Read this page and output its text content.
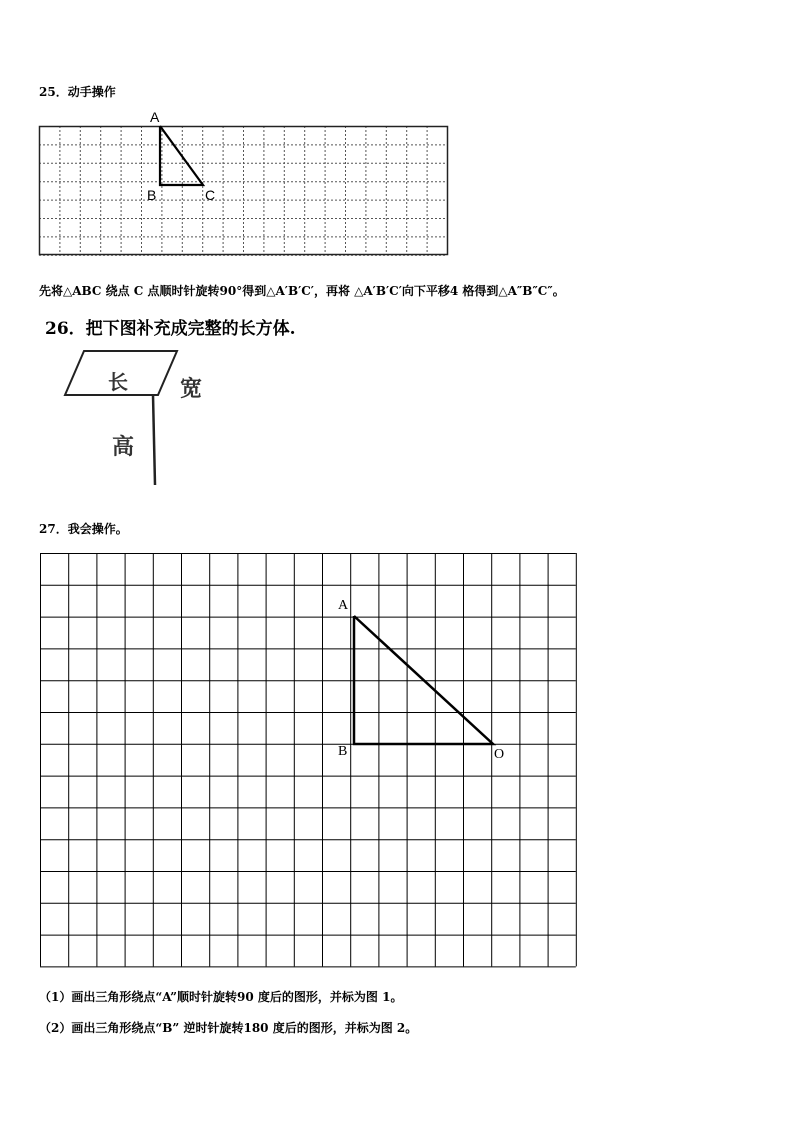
25．动手操作
A
B	C
先将△ABC 绕点 C 点顺时针旋转90°得到△A′B′C′，再将 △A′B′C′向下平移4 格得到△A″B″C″。
26．把下图补充成完整的长方体.
长 宽
高
27．我会操作。
A
B	O
（1）画出三角形绕点“A”顺时针旋转90 度后的图形，并标为图 1。
（2）画出三角形绕点“B” 逆时针旋转180 度后的图形，并标为图 2。
